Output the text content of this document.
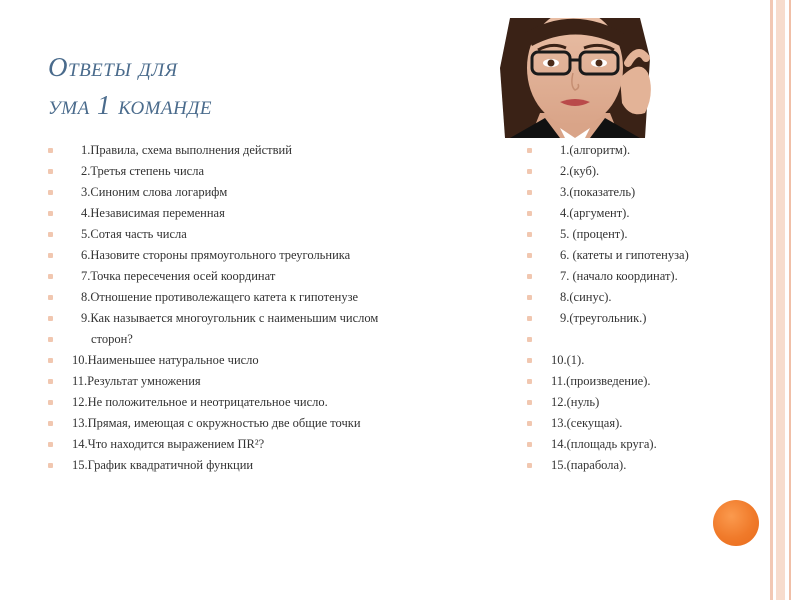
Ответы для
ума 1 команде
1.Правила, схема выполнения действий
2.Третья степень числа
3.Синоним слова логарифм
4.Независимая переменная
5.Сотая часть числа
6.Назовите стороны прямоугольного треугольника
7.Точка пересечения осей координат
8.Отношение противолежащего катета к гипотенузе
9.Как называется многоугольник с наименьшим числом
сторон?
10.Наименьшее натуральное число
11.Результат умножения
12.Не положительное и неотрицательное число.
13.Прямая, имеющая с окружностью две общие точки
14.Что находится выражением ПR²?
15.График квадратичной функции
1.(алгоритм).
2.(куб).
3.(показатель)
4.(аргумент).
5. (процент).
6. (катеты и гипотенуза)
7. (начало координат).
8.(синус).
9.(треугольник.)
10.(1).
11.(произведение).
12.(нуль)
13.(секущая).
14.(площадь круга).
15.(парабола).
